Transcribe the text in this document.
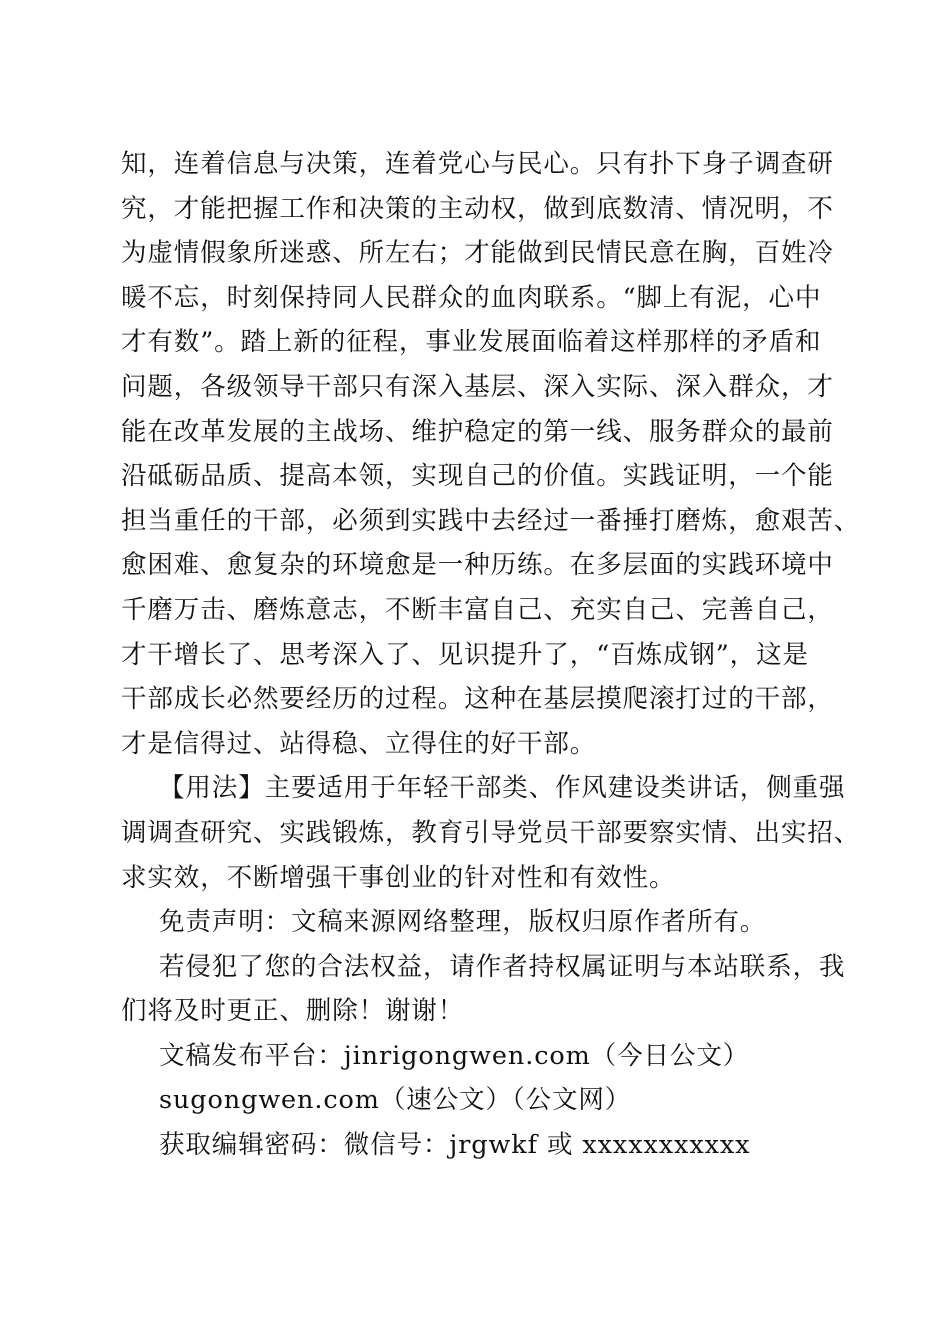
知，连着信息与决策，连着党心与民心。只有扑下身子调查研
究，才能把握工作和决策的主动权，做到底数清、情况明，不
为虚情假象所迷惑、所左右；才能做到民情民意在胸，百姓冷
暖不忘，时刻保持同人民群众的血肉联系。“脚上有泥，心中
才有数”。踏上新的征程，事业发展面临着这样那样的矛盾和
问题，各级领导干部只有深入基层、深入实际、深入群众，才
能在改革发展的主战场、维护稳定的第一线、服务群众的最前
沿砥砺品质、提高本领，实现自己的价值。实践证明，一个能
担当重任的干部，必须到实践中去经过一番捶打磨炼，愈艰苦、
愈困难、愈复杂的环境愈是一种历练。在多层面的实践环境中
千磨万击、磨炼意志，不断丰富自己、充实自己、完善自己，
才干增长了、思考深入了、见识提升了，“百炼成钢”，这是
干部成长必然要经历的过程。这种在基层摸爬滚打过的干部，
才是信得过、站得稳、立得住的好干部。
【用法】主要适用于年轻干部类、作风建设类讲话，侧重强
调调查研究、实践锻炼，教育引导党员干部要察实情、出实招、
求实效，不断增强干事创业的针对性和有效性。
免责声明：文稿来源网络整理，版权归原作者所有。
若侵犯了您的合法权益，请作者持权属证明与本站联系，我
们将及时更正、删除！谢谢！
文稿发布平台：jinrigongwen.com（今日公文）
sugongwen.com（速公文）（公文网）
获取编辑密码：微信号：jrgwkf 或 xxxxxxxxxxx
